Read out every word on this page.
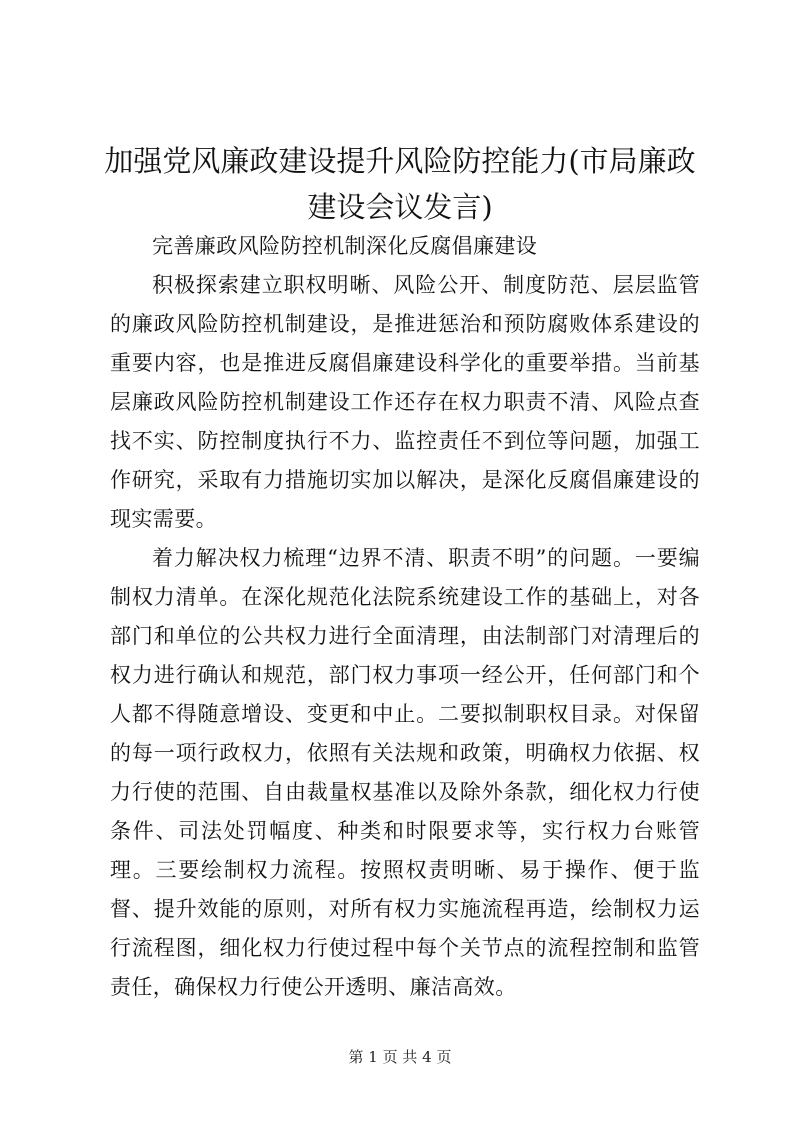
加强党风廉政建设提升风险防控能力(市局廉政建设会议发言)

完善廉政风险防控机制深化反腐倡廉建设

积极探索建立职权明晰、风险公开、制度防范、层层监管的廉政风险防控机制建设，是推进惩治和预防腐败体系建设的重要内容，也是推进反腐倡廉建设科学化的重要举措。当前基层廉政风险防控机制建设工作还存在权力职责不清、风险点查找不实、防控制度执行不力、监控责任不到位等问题，加强工作研究，采取有力措施切实加以解决，是深化反腐倡廉建设的现实需要。

着力解决权力梳理“边界不清、职责不明”的问题。一要编制权力清单。在深化规范化法院系统建设工作的基础上，对各部门和单位的公共权力进行全面清理，由法制部门对清理后的权力进行确认和规范，部门权力事项一经公开，任何部门和个人都不得随意增设、变更和中止。二要拟制职权目录。对保留的每一项行政权力，依照有关法规和政策，明确权力依据、权力行使的范围、自由裁量权基准以及除外条款，细化权力行使条件、司法处罚幅度、种类和时限要求等，实行权力台账管理。三要绘制权力流程。按照权责明晰、易于操作、便于监督、提升效能的原则，对所有权力实施流程再造，绘制权力运行流程图，细化权力行使过程中每个关节点的流程控制和监管责任，确保权力行使公开透明、廉洁高效。

第 1 页 共 4 页
